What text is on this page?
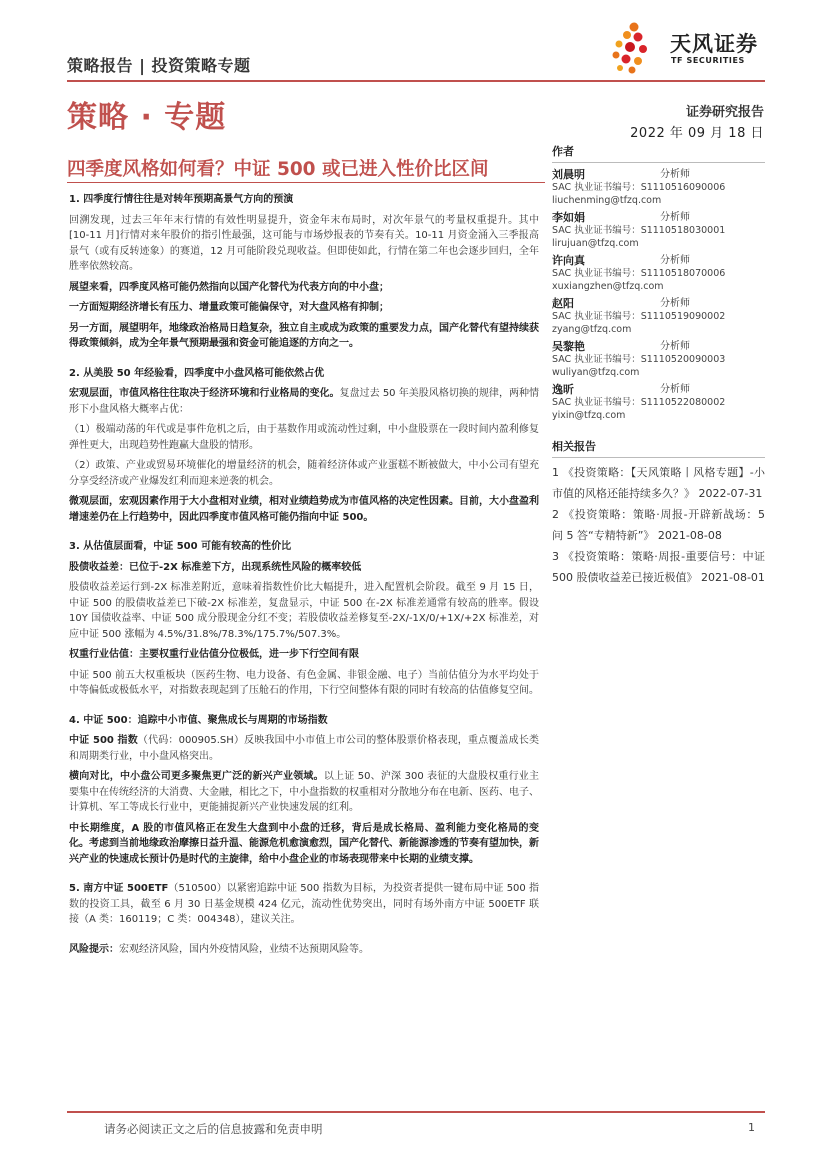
策略报告 | 投资策略专题
天风证券
TF SECURITIES
策略 · 专题	证券研究报告
2022 年 09 月 18 日
四季度风格如何看？中证 500 或已进入性价比区间
1. 四季度行情往往是对转年预期高景气方向的预演

回溯发现，过去三年年末行情的有效性明显提升，资金年末布局时，对次年景气的考量权重提升。其中[10-11 月]行情对来年股价的指引性最强，这可能与市场炒报表的节奏有关。10-11 月资金涌入三季报高景气（或有反转迹象）的赛道，12 月可能阶段兑现收益。但即使如此，行情在第二年也会逐步回归，全年胜率依然较高。

展望来看，四季度风格可能仍然指向以国产化替代为代表方向的中小盘；

一方面短期经济增长有压力、增量政策可能偏保守，对大盘风格有抑制；

另一方面，展望明年，地缘政治格局日趋复杂，独立自主或成为政策的重要发力点，国产化替代有望持续获得政策倾斜，成为全年景气预期最强和资金可能追逐的方向之一。

2. 从美股 50 年经验看，四季度中小盘风格可能依然占优

宏观层面，市值风格往往取决于经济环境和行业格局的变化。复盘过去 50 年美股风格切换的规律，两种情形下小盘风格大概率占优：

（1）极端动荡的年代或是事件危机之后，由于基数作用或流动性过剩，中小盘股票在一段时间内盈利修复弹性更大，出现趋势性跑赢大盘股的情形。

（2）政策、产业或贸易环境催化的增量经济的机会，随着经济体或产业蛋糕不断被做大，中小公司有望充分享受经济或产业爆发红利而迎来逆袭的机会。

微观层面，宏观因素作用于大小盘相对业绩，相对业绩趋势成为市值风格的决定性因素。目前，大小盘盈利增速差仍在上行趋势中，因此四季度市值风格可能仍指向中证 500。

3. 从估值层面看，中证 500 可能有较高的性价比

股债收益差：已位于-2X 标准差下方，出现系统性风险的概率较低

股债收益差运行到-2X 标准差附近，意味着指数性价比大幅提升，进入配置机会阶段。截至 9 月 15 日，中证 500 的股债收益差已下破-2X 标准差，复盘显示，中证 500 在-2X 标准差通常有较高的胜率。假设 10Y 国债收益率、中证 500 成分股现金分红不变；若股债收益差修复至-2X/-1X/0/+1X/+2X 标准差，对应中证 500 涨幅为 4.5%/31.8%/78.3%/175.7%/507.3%。

权重行业估值：主要权重行业估值分位极低，进一步下行空间有限

中证 500 前五大权重板块（医药生物、电力设备、有色金属、非银金融、电子）当前估值分为水平均处于中等偏低或极低水平，对指数表现起到了压舱石的作用，下行空间整体有限的同时有较高的估值修复空间。

4. 中证 500：追踪中小市值、聚焦成长与周期的市场指数

中证 500 指数（代码：000905.SH）反映我国中小市值上市公司的整体股票价格表现，重点覆盖成长类和周期类行业，中小盘风格突出。

横向对比，中小盘公司更多聚焦更广泛的新兴产业领域。以上证 50、沪深 300 表征的大盘股权重行业主要集中在传统经济的大消费、大金融，相比之下，中小盘指数的权重相对分散地分布在电新、医药、电子、计算机、军工等成长行业中，更能捕捉新兴产业快速发展的红利。

中长期维度，A 股的市值风格正在发生大盘到中小盘的迁移，背后是成长格局、盈利能力变化格局的变化。考虑到当前地缘政治摩擦日益升温、能源危机愈演愈烈，国产化替代、新能源渗透的节奏有望加快，新兴产业的快速成长预计仍是时代的主旋律，给中小盘企业的市场表现带来中长期的业绩支撑。

5. 南方中证 500ETF（510500）以紧密追踪中证 500 指数为目标，为投资者提供一键布局中证 500 指数的投资工具，截至 6 月 30 日基金规模 424 亿元，流动性优势突出，同时有场外南方中证 500ETF 联接（A 类：160119；C 类：004348），建议关注。

风险提示：宏观经济风险，国内外疫情风险，业绩不达预期风险等。

作者
刘晨明	分析师
SAC 执业证书编号：S1110516090006
liuchenming@tfzq.com
李如娟	分析师
SAC 执业证书编号：S1110518030001
lirujuan@tfzq.com
许向真	分析师
SAC 执业证书编号：S1110518070006
xuxiangzhen@tfzq.com
赵阳	分析师
SAC 执业证书编号：S1110519090002
zyang@tfzq.com
吴黎艳	分析师
SAC 执业证书编号：S1110520090003
wuliyan@tfzq.com
逸昕	分析师
SAC 执业证书编号：S1110522080002
yixin@tfzq.com
相关报告
1 《投资策略：【天风策略丨风格专题】-小市值的风格还能持续多久？》 2022-07-31
2 《投资策略：策略·周报-开辟新战场：5 问 5 答“专精特新”》 2021-08-08
3 《投资策略：策略·周报-重要信号：中证 500 股债收益差已接近极值》 2021-08-01
请务必阅读正文之后的信息披露和免责申明	1
